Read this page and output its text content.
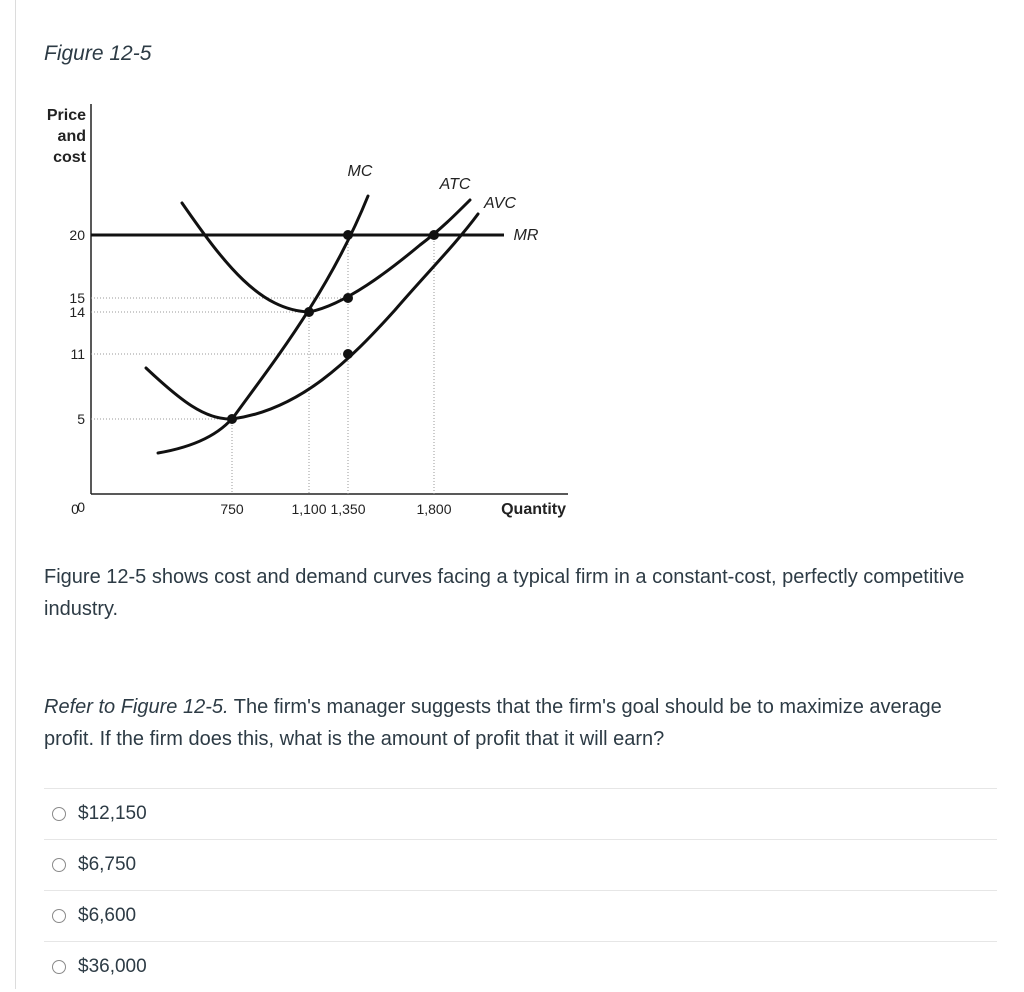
Figure 12-5
Price
and
cost
Quantity
20
15
14
11
5
0	750	1,100 1,350	1,800
0
MC
ATC
AVC
MR
Figure 12-5 shows cost and demand curves facing a typical firm in a constant-cost, perfectly competitive industry.
Refer to Figure 12-5. The firm's manager suggests that the firm's goal should be to maximize average profit. If the firm does this, what is the amount of profit that it will earn?
$12,150
$6,750
$6,600
$36,000
